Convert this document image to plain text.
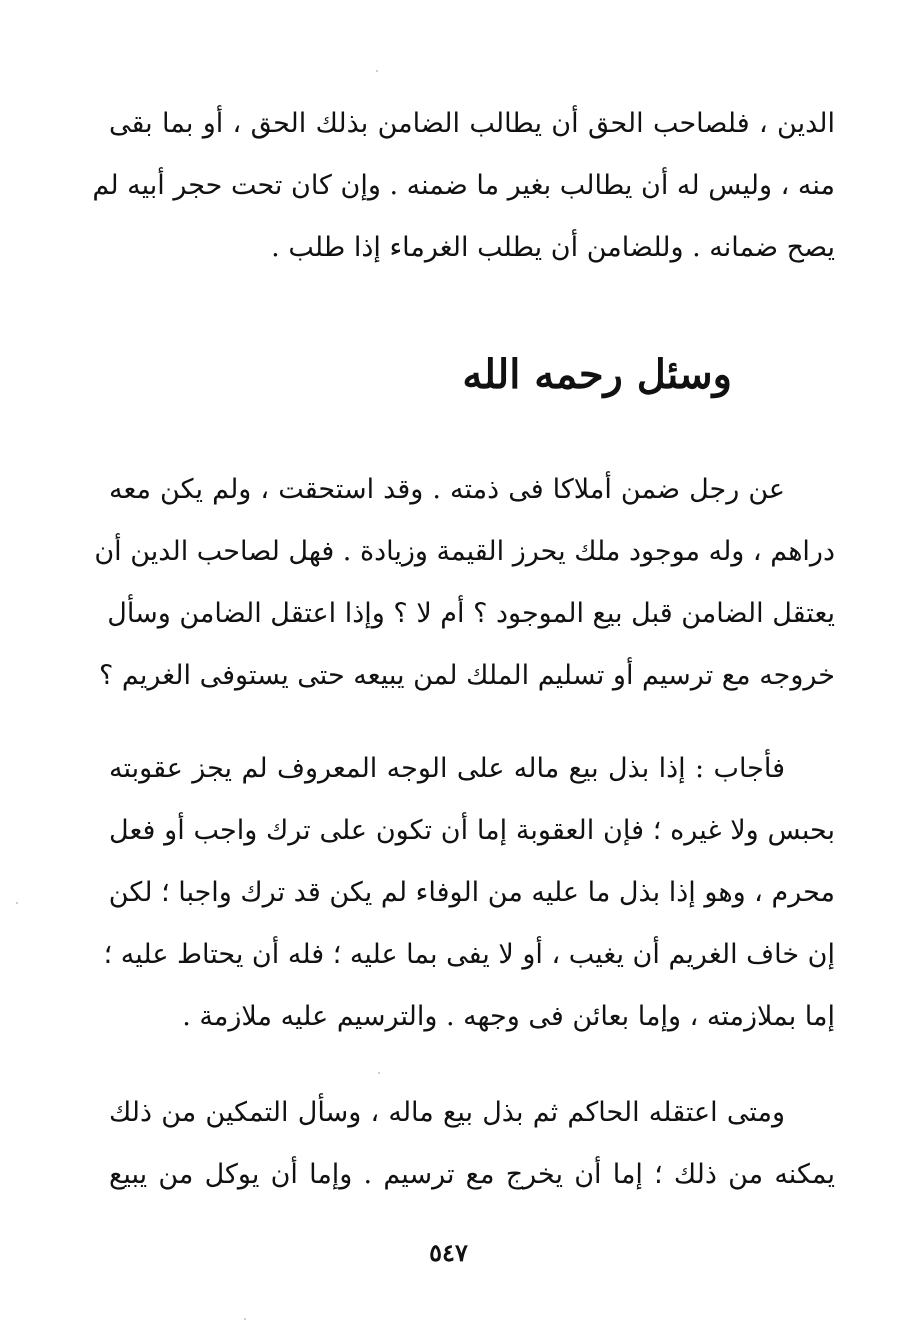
الدين ، فلصاحب الحق أن يطالب الضامن بذلك الحق ، أو بما بقى
منه ، وليس له أن يطالب بغير ما ضمنه . وإن كان تحت حجر أبيه لم
يصح ضمانه . وللضامن أن يطلب الغرماء إذا طلب .
وسئل رحمه الله
عن رجل ضمن أملاكا فى ذمته . وقد استحقت ، ولم يكن معه
دراهم ، وله موجود ملك يحرز القيمة وزيادة . فهل لصاحب الدين أن
يعتقل الضامن قبل بيع الموجود ؟ أم لا ؟ وإذا اعتقل الضامن وسأل
خروجه مع ترسيم أو تسليم الملك لمن يبيعه حتى يستوفى الغريم ؟
فأجاب : إذا بذل بيع ماله على الوجه المعروف لم يجز عقوبته
بحبس ولا غيره ؛ فإن العقوبة إما أن تكون على ترك واجب أو فعل
محرم ، وهو إذا بذل ما عليه من الوفاء لم يكن قد ترك واجبا ؛ لكن
إن خاف الغريم أن يغيب ، أو لا يفى بما عليه ؛ فله أن يحتاط عليه ؛
إما بملازمته ، وإما بعائن فى وجهه . والترسيم عليه ملازمة .
ومتى اعتقله الحاكم ثم بذل بيع ماله ، وسأل التمكين من ذلك
يمكنه من ذلك ؛ إما أن يخرج مع ترسيم . وإما أن يوكل من يبيع
٥٤٧
